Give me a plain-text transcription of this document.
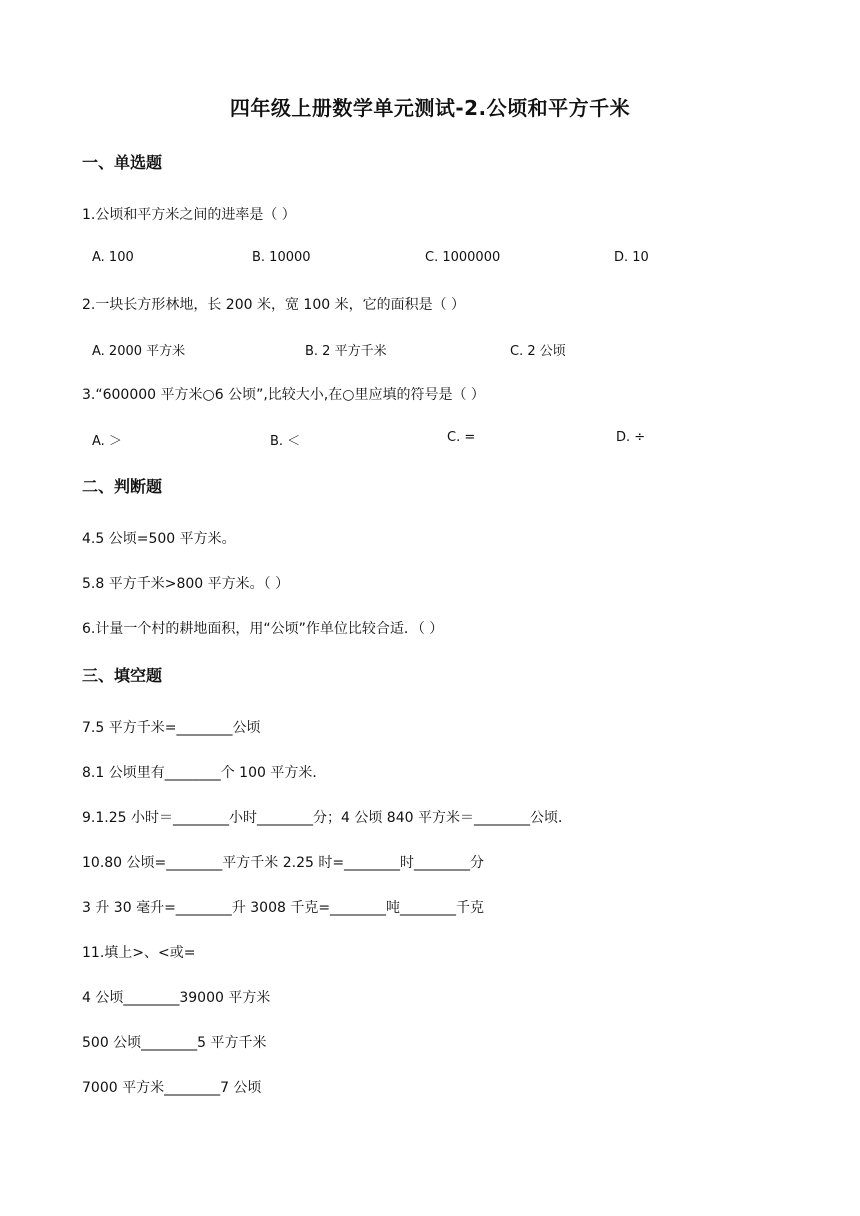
四年级上册数学单元测试-2.公顷和平方千米
一、单选题
1.公顷和平方米之间的进率是（ ）
A. 100	B. 10000	C. 1000000	D. 10
2.一块长方形林地，长 200 米，宽 100 米，它的面积是（ ）
A. 2000 平方米	B. 2 平方千米	C. 2 公顷
3.“600000 平方米○6 公顷”,比较大小,在○里应填的符号是（ ）
A. ＞	B. ＜	C. =	D. ÷
二、判断题
4.5 公顷=500 平方米。
5.8 平方千米>800 平方米。（ ）
6.计量一个村的耕地面积，用“公顷”作单位比较合适．（ ）
三、填空题
7.5 平方千米=________公顷
8.1 公顷里有________个 100 平方米．
9.1.25 小时＝________小时________分；4 公顷 840 平方米＝________公顷．
10.80 公顷=________平方千米 2.25 时=________时________分
3 升 30 毫升=________升 3008 千克=________吨________千克
11.填上>、<或=
4 公顷________39000 平方米
500 公顷________5 平方千米
7000 平方米________7 公顷
